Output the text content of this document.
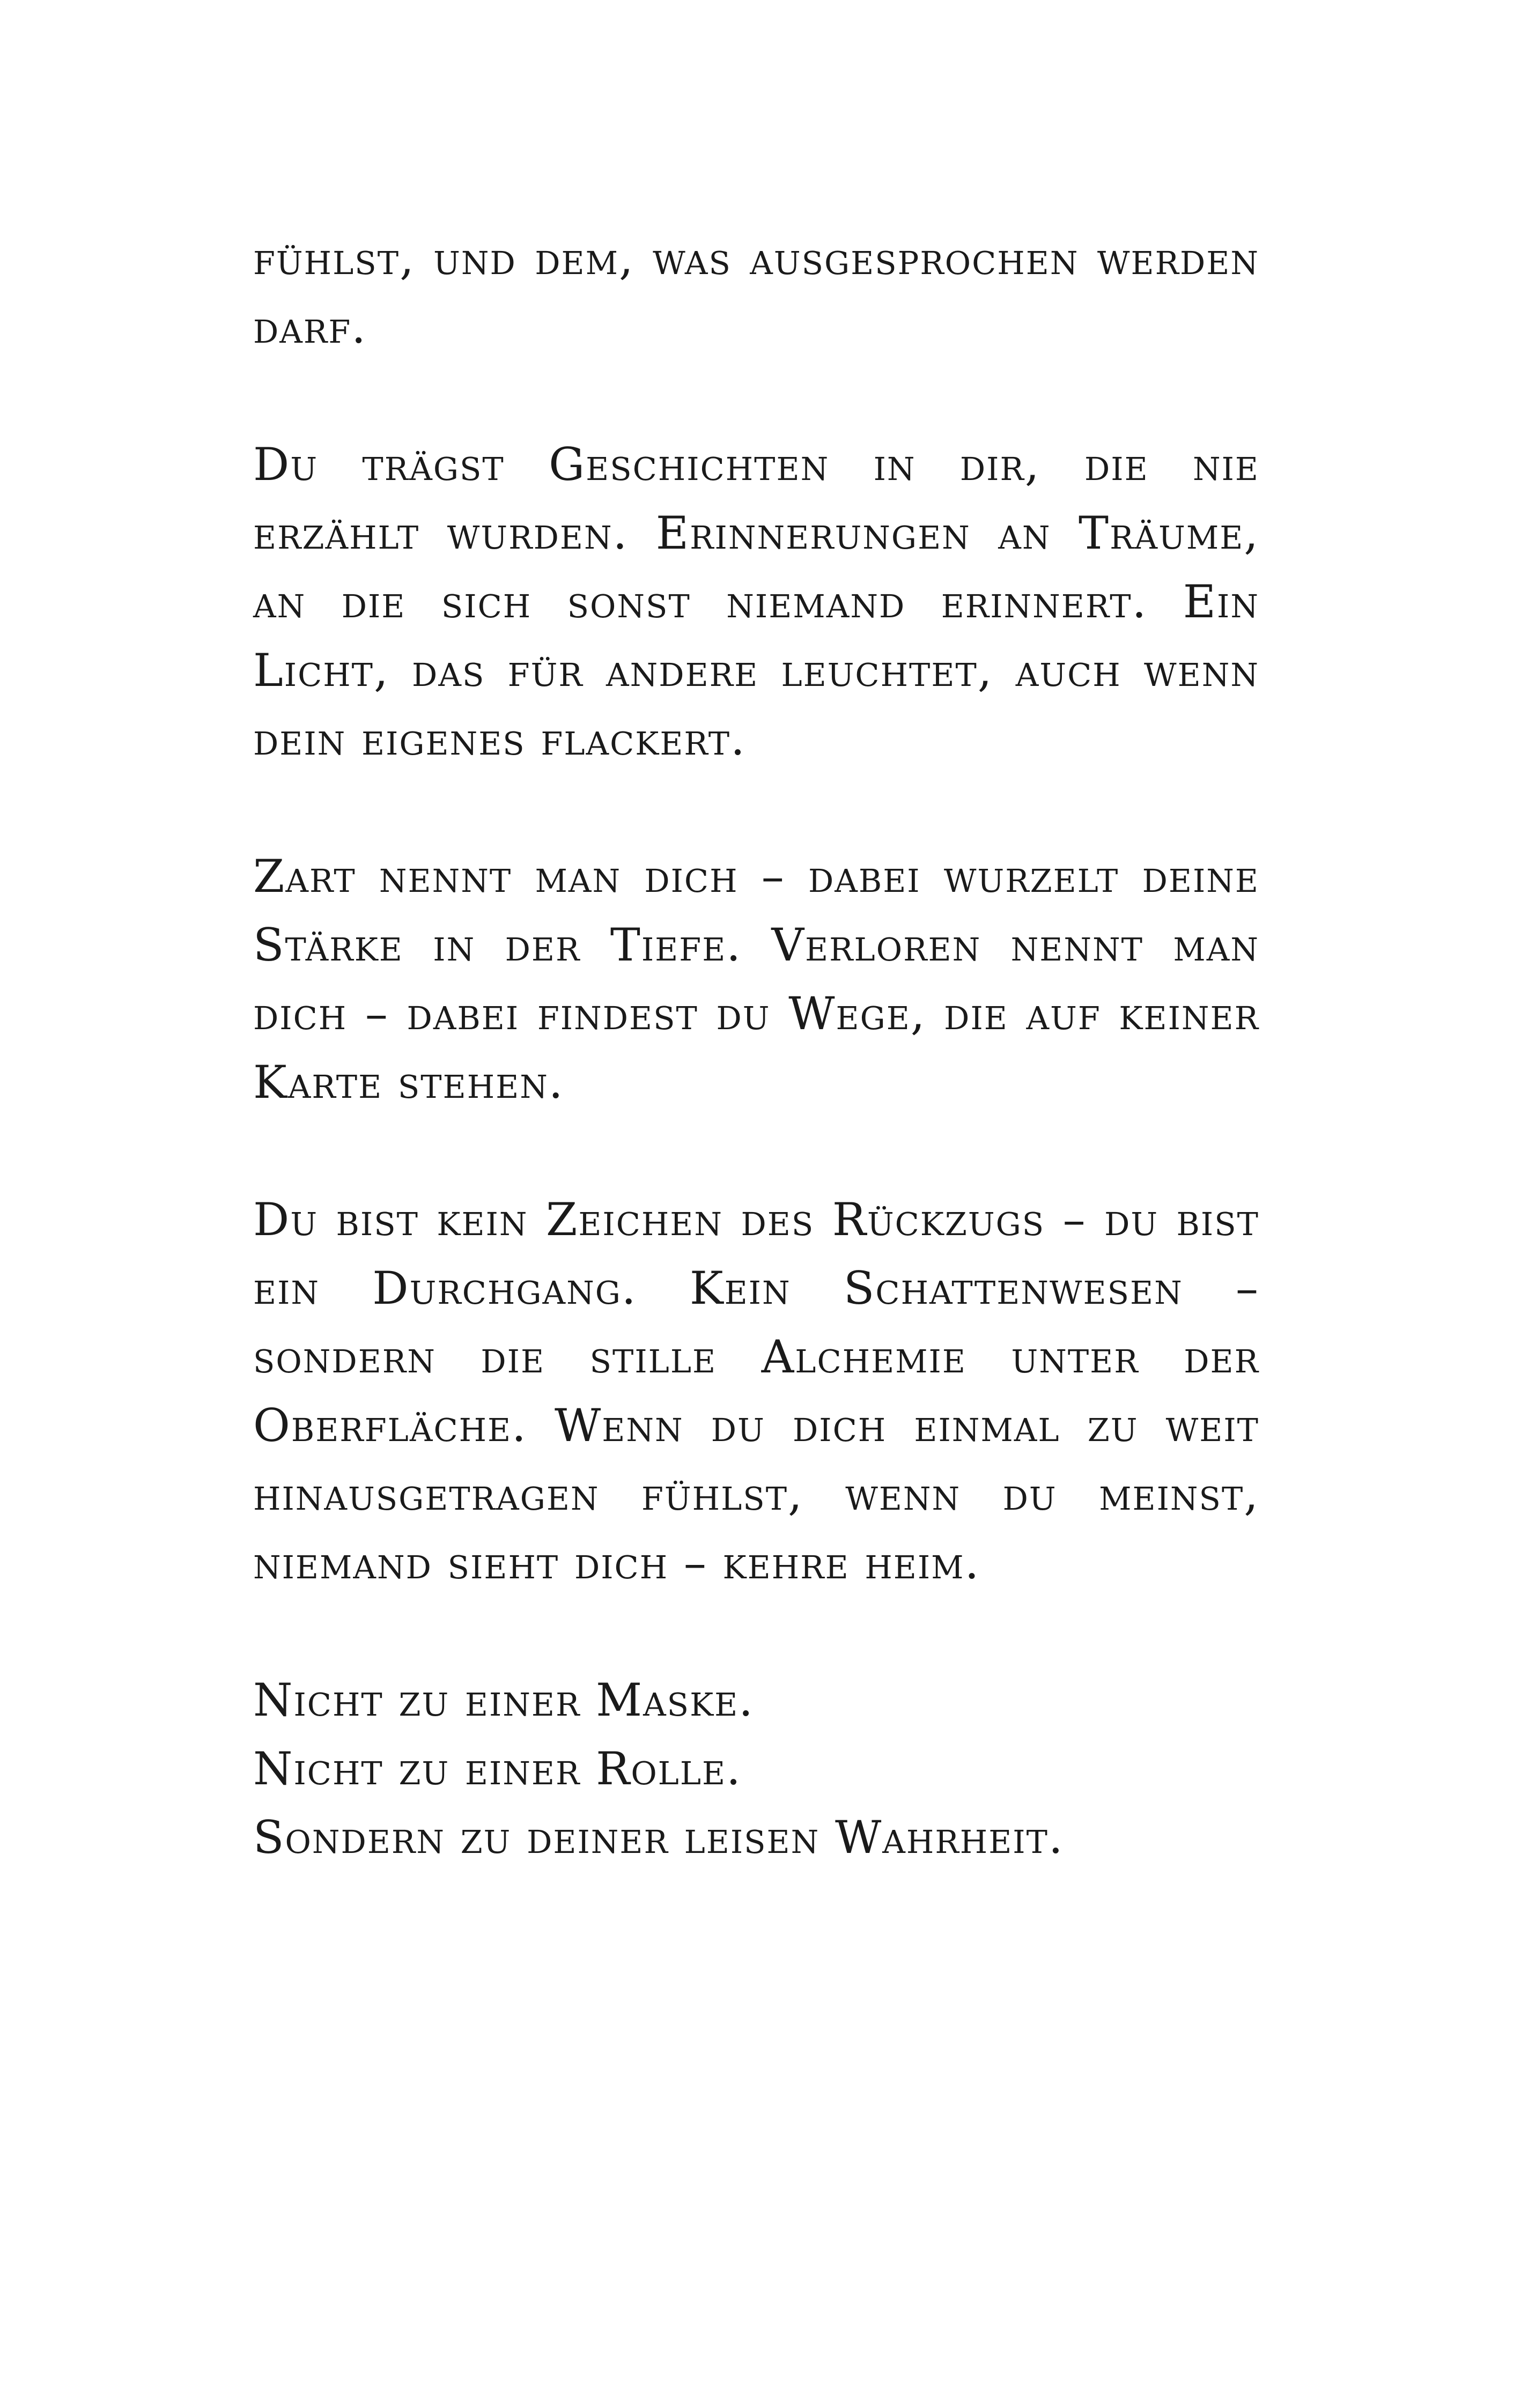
fühlst, und dem, was ausgesprochen werden darf.

Du trägst Geschichten in dir, die nie erzählt wurden. Erinnerungen an Träume, an die sich sonst niemand erinnert. Ein Licht, das für andere leuchtet, auch wenn dein eigenes flackert.

Zart nennt man dich – dabei wurzelt deine Stärke in der Tiefe. Verloren nennt man dich – dabei findest du Wege, die auf keiner Karte stehen.

Du bist kein Zeichen des Rückzugs – du bist ein Durchgang. Kein Schattenwesen – sondern die stille Alchemie unter der Oberfläche. Wenn du dich einmal zu weit hinausgetragen fühlst, wenn du meinst, niemand sieht dich – kehre heim.

Nicht zu einer Maske.
Nicht zu einer Rolle.
Sondern zu deiner leisen Wahrheit.
